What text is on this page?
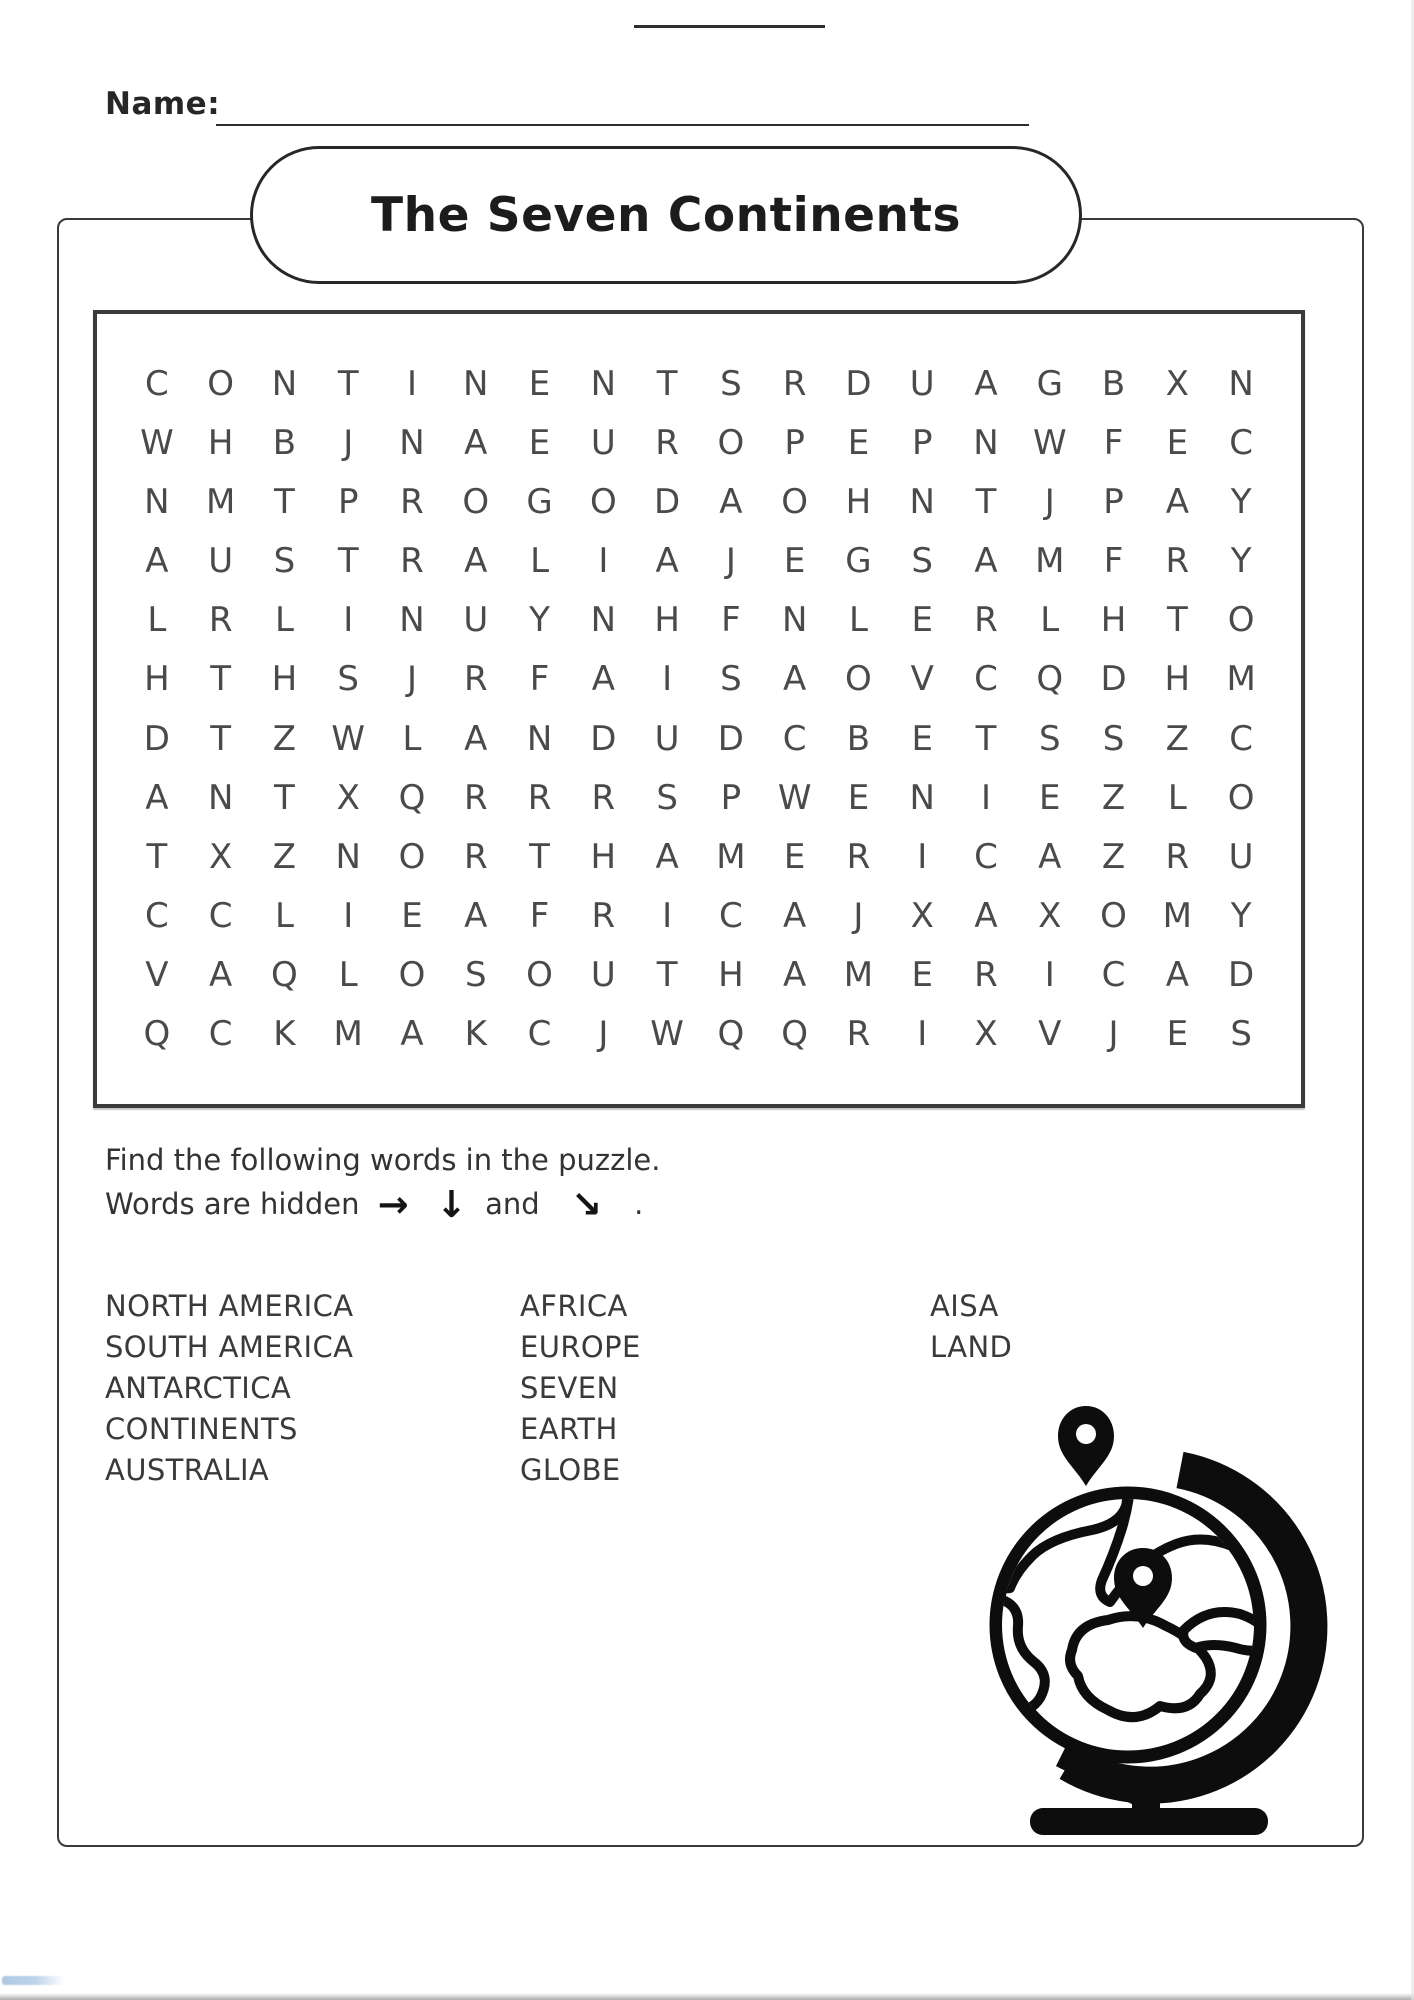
Name:
The Seven Continents
C	O	N	T	I	N	E	N	T	S	R	D	U	A	G	B	X	N
W	H	B	J	N	A	E	U	R	O	P	E	P	N	W	F	E	C
N	M	T	P	R	O	G	O	D	A	O	H	N	T	J	P	A	Y
A	U	S	T	R	A	L	I	A	J	E	G	S	A	M	F	R	Y
L	R	L	I	N	U	Y	N	H	F	N	L	E	R	L	H	T	O
H	T	H	S	J	R	F	A	I	S	A	O	V	C	Q	D	H	M
D	T	Z	W	L	A	N	D	U	D	C	B	E	T	S	S	Z	C
A	N	T	X	Q	R	R	R	S	P	W	E	N	I	E	Z	L	O
T	X	Z	N	O	R	T	H	A	M	E	R	I	C	A	Z	R	U
C	C	L	I	E	A	F	R	I	C	A	J	X	A	X	O	M	Y
V	A	Q	L	O	S	O	U	T	H	A	M	E	R	I	C	A	D
Q	C	K	M	A	K	C	J	W Q	Q	R	I	X	V	J	E	S
Find the following words in the puzzle.
Words are hidden → ↓ and ↘ .
NORTH AMERICA
SOUTH AMERICA
ANTARCTICA
CONTINENTS
AUSTRALIA
AFRICA
EUROPE
SEVEN
EARTH
GLOBE
AISA
LAND
